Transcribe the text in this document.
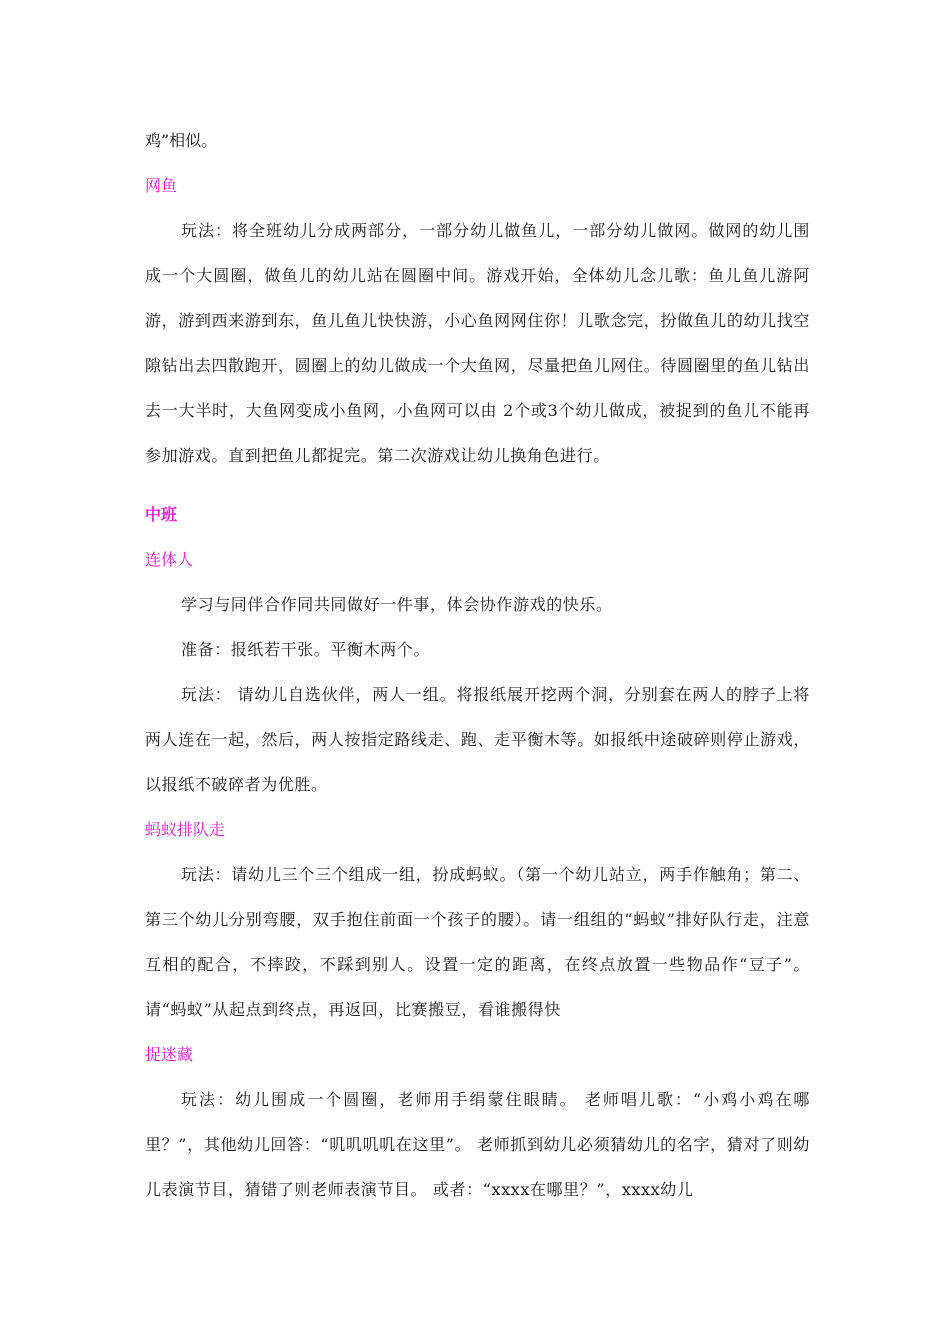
鸡”相似。
网鱼
玩法：将全班幼儿分成两部分，一部分幼儿做鱼儿，一部分幼儿做网。做网的幼儿围成一个大圆圈，做鱼儿的幼儿站在圆圈中间。游戏开始，全体幼儿念儿歌：鱼儿鱼儿游阿游，游到西来游到东，鱼儿鱼儿快快游，小心鱼网网住你！儿歌念完，扮做鱼儿的幼儿找空隙钻出去四散跑开，圆圈上的幼儿做成一个大鱼网，尽量把鱼儿网住。待圆圈里的鱼儿钻出去一大半时，大鱼网变成小鱼网，小鱼网可以由 2个或3个幼儿做成，被捉到的鱼儿不能再参加游戏。直到把鱼儿都捉完。第二次游戏让幼儿换角色进行。
中班
连体人
学习与同伴合作同共同做好一件事，体会协作游戏的快乐。
准备：报纸若干张。平衡木两个。
玩法： 请幼儿自选伙伴，两人一组。将报纸展开挖两个洞，分别套在两人的脖子上将两人连在一起，然后，两人按指定路线走、跑、走平衡木等。如报纸中途破碎则停止游戏，以报纸不破碎者为优胜。
蚂蚁排队走
玩法：请幼儿三个三个组成一组，扮成蚂蚁。（第一个幼儿站立，两手作触角；第二、第三个幼儿分别弯腰，双手抱住前面一个孩子的腰）。请一组组的“蚂蚁”排好队行走，注意互相的配合，不摔跤，不踩到别人。设置一定的距离，在终点放置一些物品作“豆子”。请“蚂蚁”从起点到终点，再返回，比赛搬豆，看谁搬得快
捉迷藏
玩法：幼儿围成一个圆圈，老师用手绢蒙住眼睛。 老师唱儿歌：“小鸡小鸡在哪里？”，其他幼儿回答：“叽叽叽叽在这里”。 老师抓到幼儿必须猜幼儿的名字，猜对了则幼儿表演节目，猜错了则老师表演节目。 或者：“xxxx在哪里？”，xxxx幼儿
